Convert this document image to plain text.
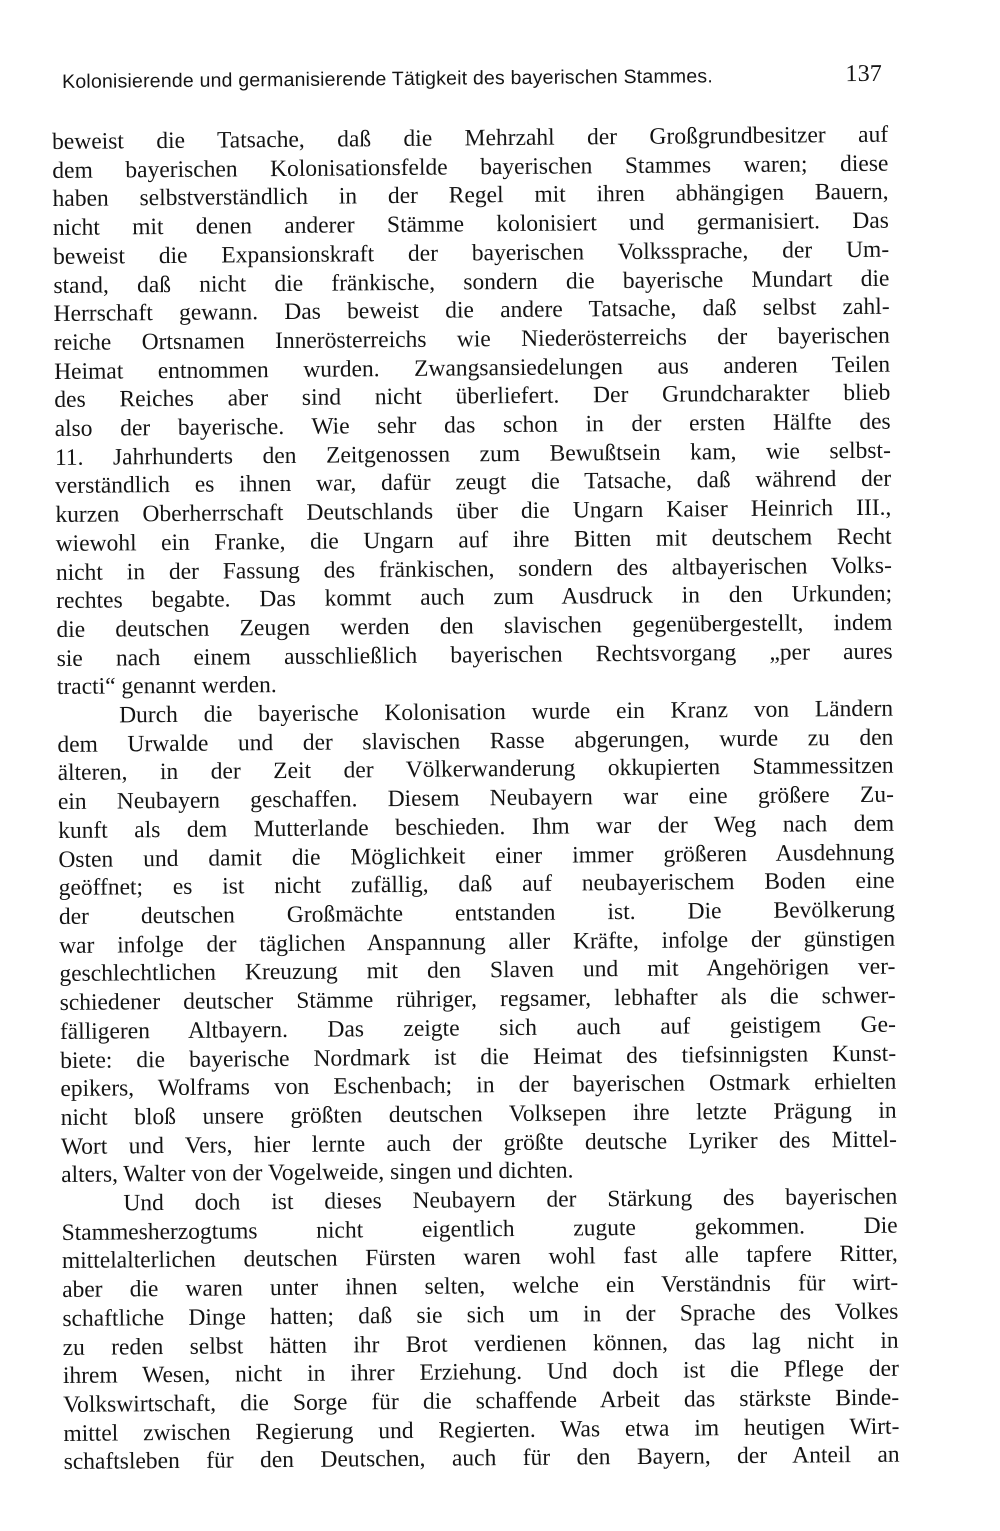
Kolonisierende und germanisierende Tätigkeit des bayerischen Stammes.	137

beweist die Tatsache, daß die Mehrzahl der Großgrundbesitzer auf
dem bayerischen Kolonisationsfelde bayerischen Stammes waren; diese
haben selbstverständlich in der Regel mit ihren abhängigen Bauern,
nicht mit denen anderer Stämme kolonisiert und germanisiert. Das
beweist die Expansionskraft der bayerischen Volkssprache, der Um-
stand, daß nicht die fränkische, sondern die bayerische Mundart die
Herrschaft gewann. Das beweist die andere Tatsache, daß selbst zahl-
reiche Ortsnamen Innerösterreichs wie Niederösterreichs der bayerischen
Heimat entnommen wurden. Zwangsansiedelungen aus anderen Teilen
des Reiches aber sind nicht überliefert. Der Grundcharakter blieb
also der bayerische. Wie sehr das schon in der ersten Hälfte des
11. Jahrhunderts den Zeitgenossen zum Bewußtsein kam, wie selbst-
verständlich es ihnen war, dafür zeugt die Tatsache, daß während der
kurzen Oberherrschaft Deutschlands über die Ungarn Kaiser Heinrich III.,
wiewohl ein Franke, die Ungarn auf ihre Bitten mit deutschem Recht
nicht in der Fassung des fränkischen, sondern des altbayerischen Volks-
rechtes begabte. Das kommt auch zum Ausdruck in den Urkunden;
die deutschen Zeugen werden den slavischen gegenübergestellt, indem
sie nach einem ausschließlich bayerischen Rechtsvorgang „per aures
tracti“ genannt werden.

Durch die bayerische Kolonisation wurde ein Kranz von Ländern
dem Urwalde und der slavischen Rasse abgerungen, wurde zu den
älteren, in der Zeit der Völkerwanderung okkupierten Stammessitzen
ein Neubayern geschaffen. Diesem Neubayern war eine größere Zu-
kunft als dem Mutterlande beschieden. Ihm war der Weg nach dem
Osten und damit die Möglichkeit einer immer größeren Ausdehnung
geöffnet; es ist nicht zufällig, daß auf neubayerischem Boden eine
der deutschen Großmächte entstanden ist. Die Bevölkerung
war infolge der täglichen Anspannung aller Kräfte, infolge der günstigen
geschlechtlichen Kreuzung mit den Slaven und mit Angehörigen ver-
schiedener deutscher Stämme rühriger, regsamer, lebhafter als die schwer-
fälligeren Altbayern. Das zeigte sich auch auf geistigem Ge-
biete: die bayerische Nordmark ist die Heimat des tiefsinnigsten Kunst-
epikers, Wolframs von Eschenbach; in der bayerischen Ostmark erhielten
nicht bloß unsere größten deutschen Volksepen ihre letzte Prägung in
Wort und Vers, hier lernte auch der größte deutsche Lyriker des Mittel-
alters, Walter von der Vogelweide, singen und dichten.

Und doch ist dieses Neubayern der Stärkung des bayerischen
Stammesherzogtums nicht eigentlich zugute gekommen. Die
mittelalterlichen deutschen Fürsten waren wohl fast alle tapfere Ritter,
aber die waren unter ihnen selten, welche ein Verständnis für wirt-
schaftliche Dinge hatten; daß sie sich um in der Sprache des Volkes
zu reden selbst hätten ihr Brot verdienen können, das lag nicht in
ihrem Wesen, nicht in ihrer Erziehung. Und doch ist die Pflege der
Volkswirtschaft, die Sorge für die schaffende Arbeit das stärkste Binde-
mittel zwischen Regierung und Regierten. Was etwa im heutigen Wirt-
schaftsleben für den Deutschen, auch für den Bayern, der Anteil an
